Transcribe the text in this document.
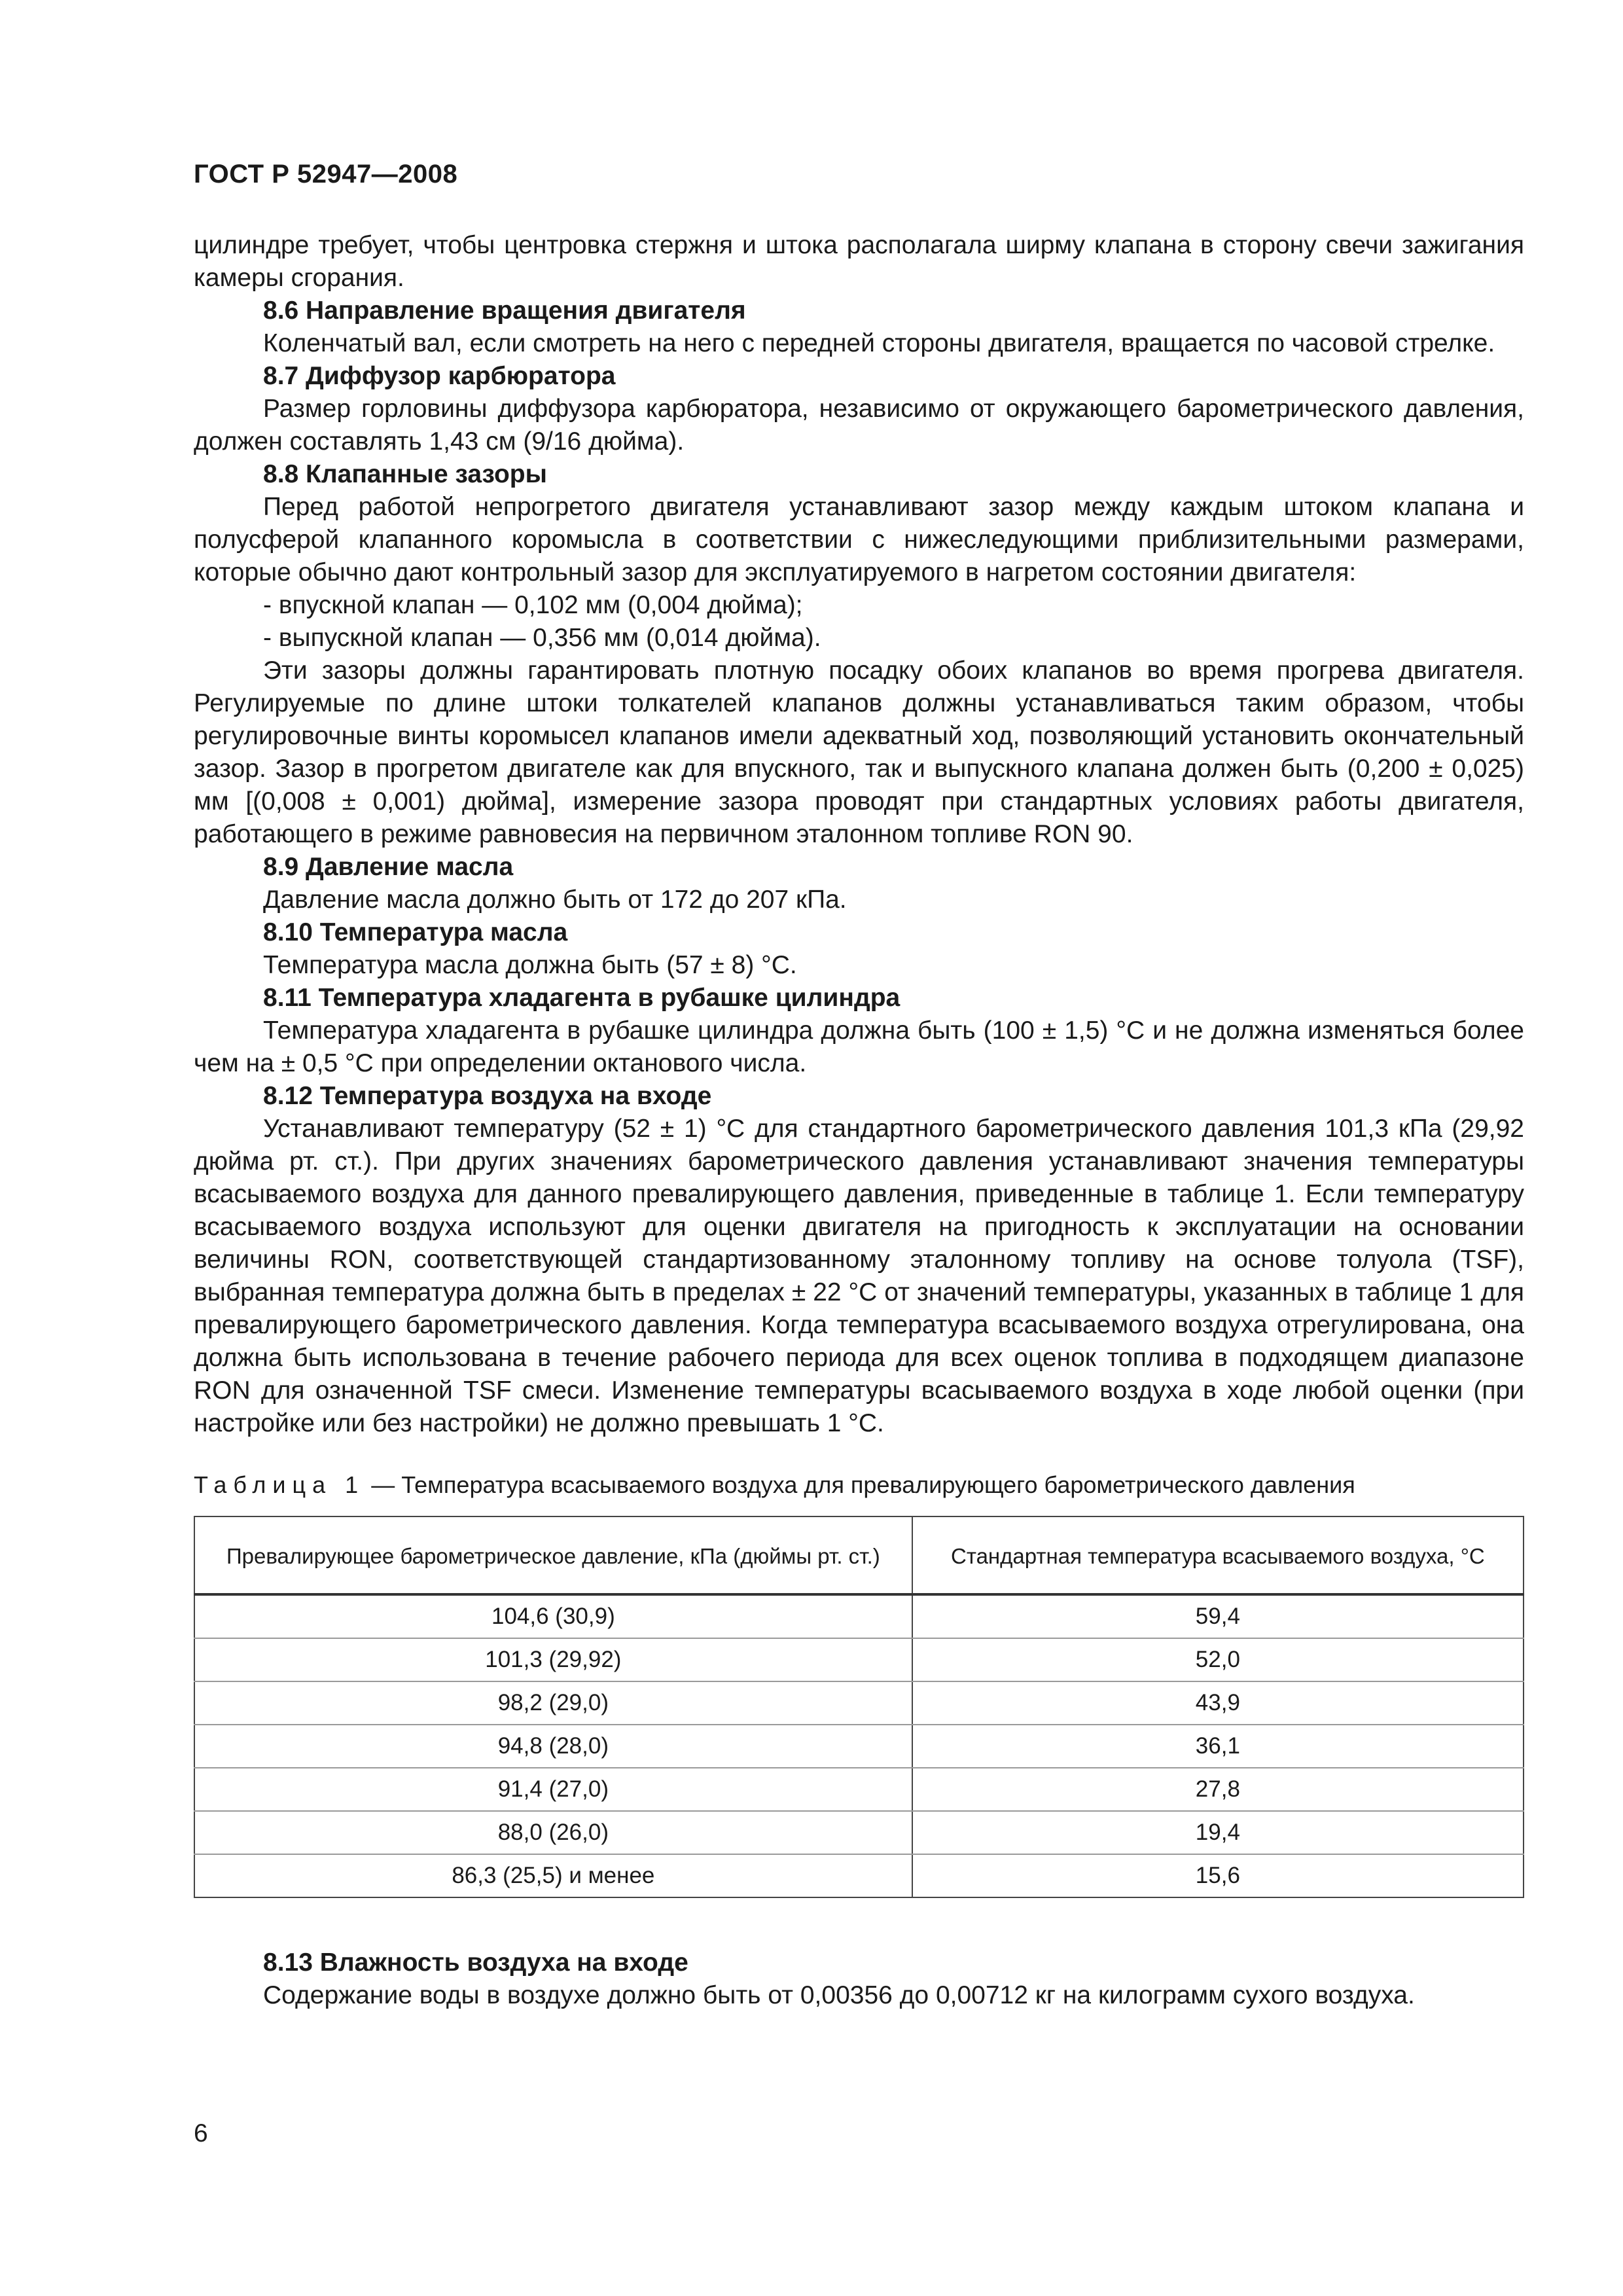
ГОСТ Р 52947—2008

цилиндре требует, чтобы центровка стержня и штока располагала ширму клапана в сторону свечи зажигания камеры сгорания.

8.6 Направление вращения двигателя

Коленчатый вал, если смотреть на него с передней стороны двигателя, вращается по часовой стрелке.

8.7 Диффузор карбюратора

Размер горловины диффузора карбюратора, независимо от окружающего барометрического давления, должен составлять 1,43 см (9/16 дюйма).

8.8 Клапанные зазоры

Перед работой непрогретого двигателя устанавливают зазор между каждым штоком клапана и полусферой клапанного коромысла в соответствии с нижеследующими приблизительными размерами, которые обычно дают контрольный зазор для эксплуатируемого в нагретом состоянии двигателя:

- впускной клапан — 0,102 мм (0,004 дюйма);

- выпускной клапан — 0,356 мм (0,014 дюйма).

Эти зазоры должны гарантировать плотную посадку обоих клапанов во время прогрева двигателя. Регулируемые по длине штоки толкателей клапанов должны устанавливаться таким образом, чтобы регулировочные винты коромысел клапанов имели адекватный ход, позволяющий установить окончательный зазор. Зазор в прогретом двигателе как для впускного, так и выпускного клапана должен быть (0,200 ± 0,025) мм [(0,008 ± 0,001) дюйма], измерение зазора проводят при стандартных условиях работы двигателя, работающего в режиме равновесия на первичном эталонном топливе RON 90.

8.9 Давление масла

Давление масла должно быть от 172 до 207 кПа.

8.10 Температура масла

Температура масла должна быть (57 ± 8) °С.

8.11 Температура хладагента в рубашке цилиндра

Температура хладагента в рубашке цилиндра должна быть (100 ± 1,5) °С и не должна изменяться более чем на ± 0,5 °С при определении октанового числа.

8.12 Температура воздуха на входе

Устанавливают температуру (52 ± 1) °С для стандартного барометрического давления 101,3 кПа (29,92 дюйма рт. ст.). При других значениях барометрического давления устанавливают значения температуры всасываемого воздуха для данного превалирующего давления, приведенные в таблице 1. Если температуру всасываемого воздуха используют для оценки двигателя на пригодность к эксплуатации на основании величины RON, соответствующей стандартизованному эталонному топливу на основе толуола (TSF), выбранная температура должна быть в пределах ± 22 °С от значений температуры, указанных в таблице 1 для превалирующего барометрического давления. Когда температура всасываемого воздуха отрегулирована, она должна быть использована в течение рабочего периода для всех оценок топлива в подходящем диапазоне RON для означенной TSF смеси. Изменение температуры всасываемого воздуха в ходе любой оценки (при настройке или без настройки) не должно превышать 1 °С.

Таблица 1 — Температура всасываемого воздуха для превалирующего барометрического давления
Превалирующее барометрическое давление, кПа (дюймы рт. ст.)	Стандартная температура всасываемого воздуха, °С
104,6 (30,9)	59,4
101,3 (29,92)	52,0
98,2 (29,0)	43,9
94,8 (28,0)	36,1
91,4 (27,0)	27,8
88,0 (26,0)	19,4
86,3 (25,5) и менее	15,6

8.13 Влажность воздуха на входе

Содержание воды в воздухе должно быть от 0,00356 до 0,00712 кг на килограмм сухого воздуха.

6
